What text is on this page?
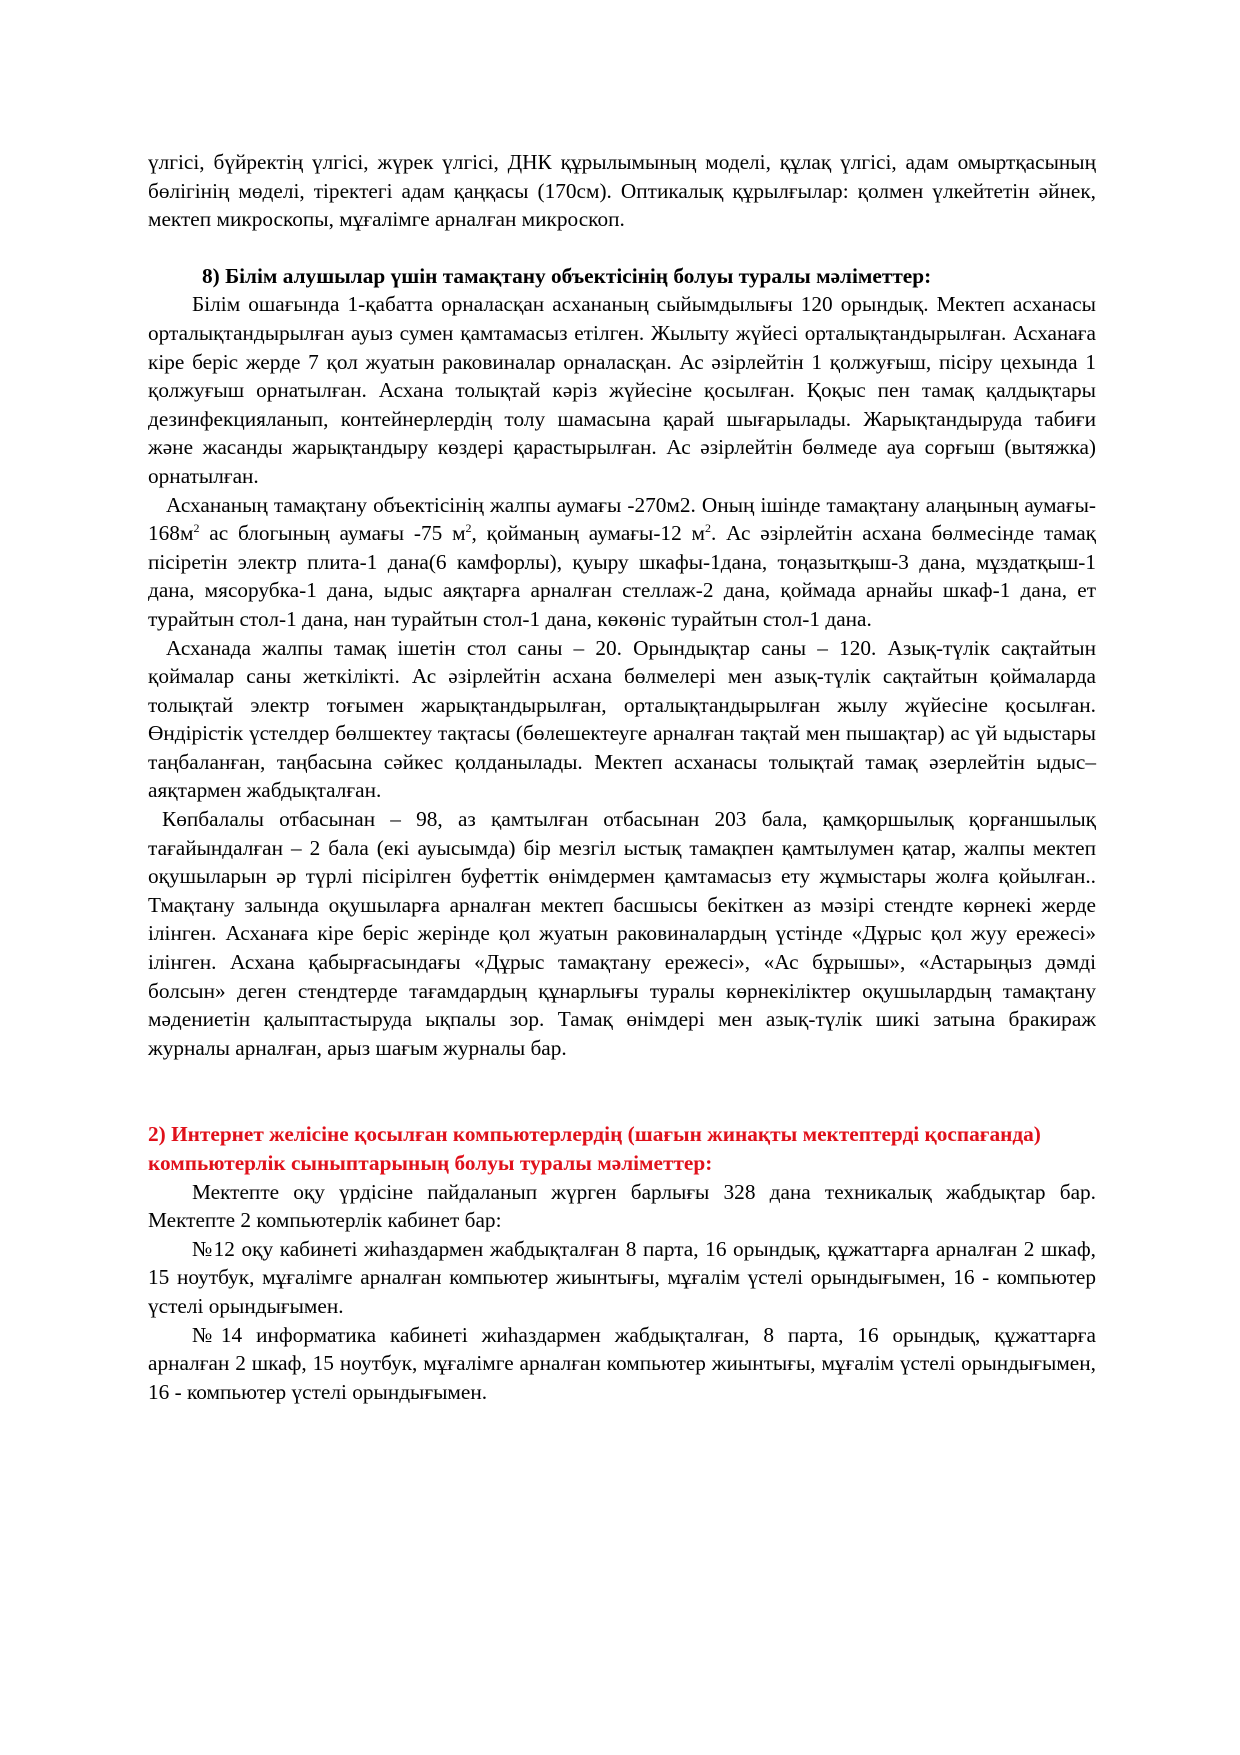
үлгісі, бүйректің үлгісі, жүрек үлгісі, ДНК құрылымының моделі, құлақ үлгісі, адам омыртқасының бөлігінің мөделі, тіректегі адам қаңқасы (170см). Оптикалық құрылғылар: қолмен үлкейтетін әйнек, мектеп микроскопы, мұғалімге арналған микроскоп.

8) Білім алушылар үшін тамақтану объектісінің болуы туралы мәліметтер:

Білім ошағында 1-қабатта орналасқан асхананың сыйымдылығы 120 орындық. Мектеп асханасы орталықтандырылған ауыз сумен қамтамасыз етілген. Жылыту жүйесі орталықтандырылған. Асханаға кіре беріс жерде 7 қол жуатын раковиналар орналасқан. Ас әзірлейтін 1 қолжуғыш, пісіру цехында 1 қолжуғыш орнатылған. Асхана толықтай кәріз жүйесіне қосылған. Қоқыс пен тамақ қалдықтары дезинфекцияланып, контейнерлердің толу шамасына қарай шығарылады. Жарықтандыруда табиғи және жасанды жарықтандыру көздері қарастырылған. Ас әзірлейтін бөлмеде ауа сорғыш (вытяжка) орнатылған.

Асхананың тамақтану объектісінің жалпы аумағы -270м2. Оның ішінде тамақтану алаңының аумағы- $168м^2$ ас блогының аумағы -75 $м^2$, қойманың аумағы-12 $м^2$. Ас әзірлейтін асхана бөлмесінде тамақ пісіретін электр плита-1 дана(6 камфорлы), қуыру шкафы-1дана, тоңазытқыш-3 дана, мұздатқыш-1 дана, мясорубка-1 дана, ыдыс аяқтарға арналған стеллаж-2 дана, қоймада арнайы шкаф-1 дана, ет турайтын стол-1 дана, нан турайтын стол-1 дана, көкөніс турайтын стол-1 дана.

Асханада жалпы тамақ ішетін стол саны – 20. Орындықтар саны – 120. Азық-түлік сақтайтын қоймалар саны жеткілікті. Ас әзірлейтін асхана бөлмелері мен азық-түлік сақтайтын қоймаларда толықтай электр тоғымен жарықтандырылған, орталықтандырылған жылу жүйесіне қосылған. Өндірістік үстелдер бөлшектеу тақтасы (бөлешектеуге арналған тақтай мен пышақтар) ас үй ыдыстары таңбаланған, таңбасына сәйкес қолданылады. Мектеп асханасы толықтай тамақ әзерлейтін ыдыс– аяқтармен жабдықталған.

Көпбалалы отбасынан – 98, аз қамтылған отбасынан 203 бала, қамқоршылық қорғаншылық тағайындалған – 2 бала (екі ауысымда) бір мезгіл ыстық тамақпен қамтылумен қатар, жалпы мектеп оқушыларын әр түрлі пісірілген буфеттік өнімдермен қамтамасыз ету жұмыстары жолға қойылған.. Тмақтану залында оқушыларға арналған мектеп басшысы бекіткен аз мәзірі стендте көрнекі жерде ілінген. Асханаға кіре беріс жерінде қол жуатын раковиналардың үстінде «Дұрыс қол жуу ережесі» ілінген. Асхана қабырғасындағы «Дұрыс тамақтану ережесі», «Ас бұрышы», «Астарыңыз дәмді болсын» деген стендтерде тағамдардың құнарлығы туралы көрнекіліктер оқушылардың тамақтану мәдениетін қалыптастыруда ықпалы зор. Тамақ өнімдері мен азық-түлік шикі затына бракираж журналы арналған, арыз шағым журналы бар.

2) Интернет желісіне қосылған компьютерлердің (шағын жинақты мектептерді қоспағанда) компьютерлік сыныптарының болуы туралы мәліметтер:

Мектепте оқу үрдісіне пайдаланып жүрген барлығы 328 дана техникалық жабдықтар бар. Мектепте 2 компьютерлік кабинет бар:

№12 оқу кабинеті жиhаздармен жабдықталған 8 парта, 16 орындық, құжаттарға арналған 2 шкаф, 15 ноутбук, мұғалімге арналған компьютер жиынтығы, мұғалім үстелі орындығымен, 16 - компьютер үстелі орындығымен.

№14 информатика кабинеті жиhаздармен жабдықталған, 8 парта, 16 орындық, құжаттарға арналған 2 шкаф, 15 ноутбук, мұғалімге арналған компьютер жиынтығы, мұғалім үстелі орындығымен, 16 - компьютер үстелі орындығымен.
